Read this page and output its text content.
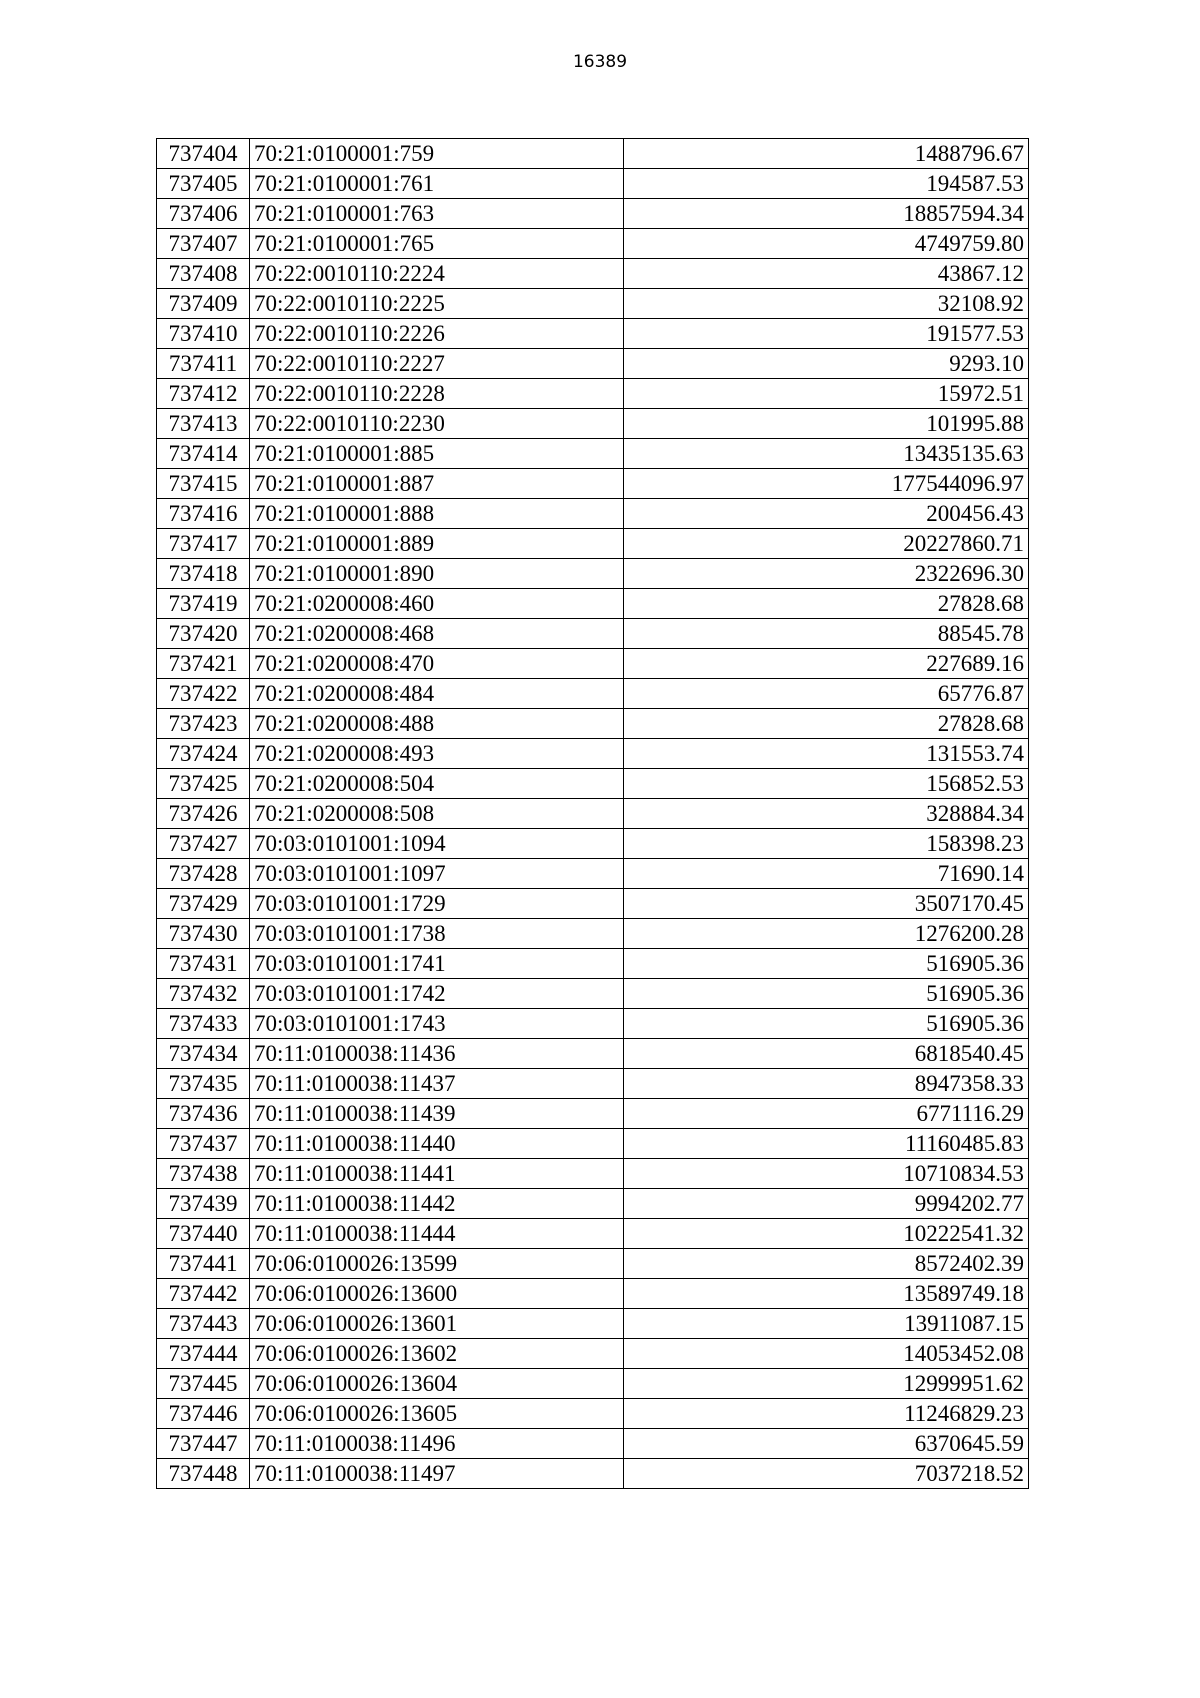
16389
737404	70:21:0100001:759	1488796.67
737405	70:21:0100001:761	194587.53
737406	70:21:0100001:763	18857594.34
737407	70:21:0100001:765	4749759.80
737408	70:22:0010110:2224	43867.12
737409	70:22:0010110:2225	32108.92
737410	70:22:0010110:2226	191577.53
737411	70:22:0010110:2227	9293.10
737412	70:22:0010110:2228	15972.51
737413	70:22:0010110:2230	101995.88
737414	70:21:0100001:885	13435135.63
737415	70:21:0100001:887	177544096.97
737416	70:21:0100001:888	200456.43
737417	70:21:0100001:889	20227860.71
737418	70:21:0100001:890	2322696.30
737419	70:21:0200008:460	27828.68
737420	70:21:0200008:468	88545.78
737421	70:21:0200008:470	227689.16
737422	70:21:0200008:484	65776.87
737423	70:21:0200008:488	27828.68
737424	70:21:0200008:493	131553.74
737425	70:21:0200008:504	156852.53
737426	70:21:0200008:508	328884.34
737427	70:03:0101001:1094	158398.23
737428	70:03:0101001:1097	71690.14
737429	70:03:0101001:1729	3507170.45
737430	70:03:0101001:1738	1276200.28
737431	70:03:0101001:1741	516905.36
737432	70:03:0101001:1742	516905.36
737433	70:03:0101001:1743	516905.36
737434	70:11:0100038:11436	6818540.45
737435	70:11:0100038:11437	8947358.33
737436	70:11:0100038:11439	6771116.29
737437	70:11:0100038:11440	11160485.83
737438	70:11:0100038:11441	10710834.53
737439	70:11:0100038:11442	9994202.77
737440	70:11:0100038:11444	10222541.32
737441	70:06:0100026:13599	8572402.39
737442	70:06:0100026:13600	13589749.18
737443	70:06:0100026:13601	13911087.15
737444	70:06:0100026:13602	14053452.08
737445	70:06:0100026:13604	12999951.62
737446	70:06:0100026:13605	11246829.23
737447	70:11:0100038:11496	6370645.59
737448	70:11:0100038:11497	7037218.52
